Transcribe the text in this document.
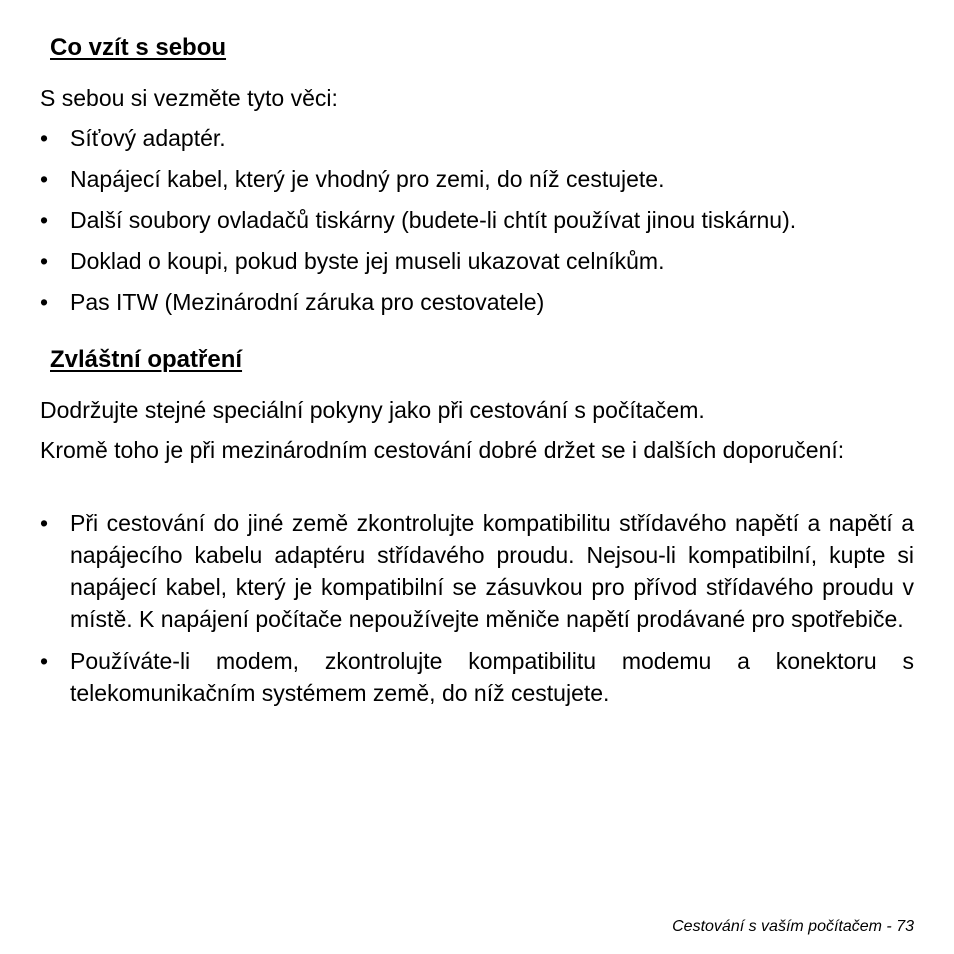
Co vzít s sebou

S sebou si vezměte tyto věci:

• Síťový adaptér.
• Napájecí kabel, který je vhodný pro zemi, do níž cestujete.
• Další soubory ovladačů tiskárny (budete-li chtít používat jinou tiskárnu).
• Doklad o koupi, pokud byste jej museli ukazovat celníkům.
• Pas ITW (Mezinárodní záruka pro cestovatele)
Zvláštní opatření

Dodržujte stejné speciální pokyny jako při cestování s počítačem.

Kromě toho je při mezinárodním cestování dobré držet se i dalších doporučení:

• Při cestování do jiné země zkontrolujte kompatibilitu střídavého napětí a napětí a napájecího kabelu adaptéru střídavého proudu. Nejsou-li kompatibilní, kupte si napájecí kabel, který je kompatibilní se zásuvkou pro přívod střídavého proudu v místě. K napájení počítače nepoužívejte měniče napětí prodávané pro spotřebiče.
• Používáte-li modem, zkontrolujte kompatibilitu modemu a konektoru s telekomunikačním systémem země, do níž cestujete.
Cestování s vaším počítačem - 73
